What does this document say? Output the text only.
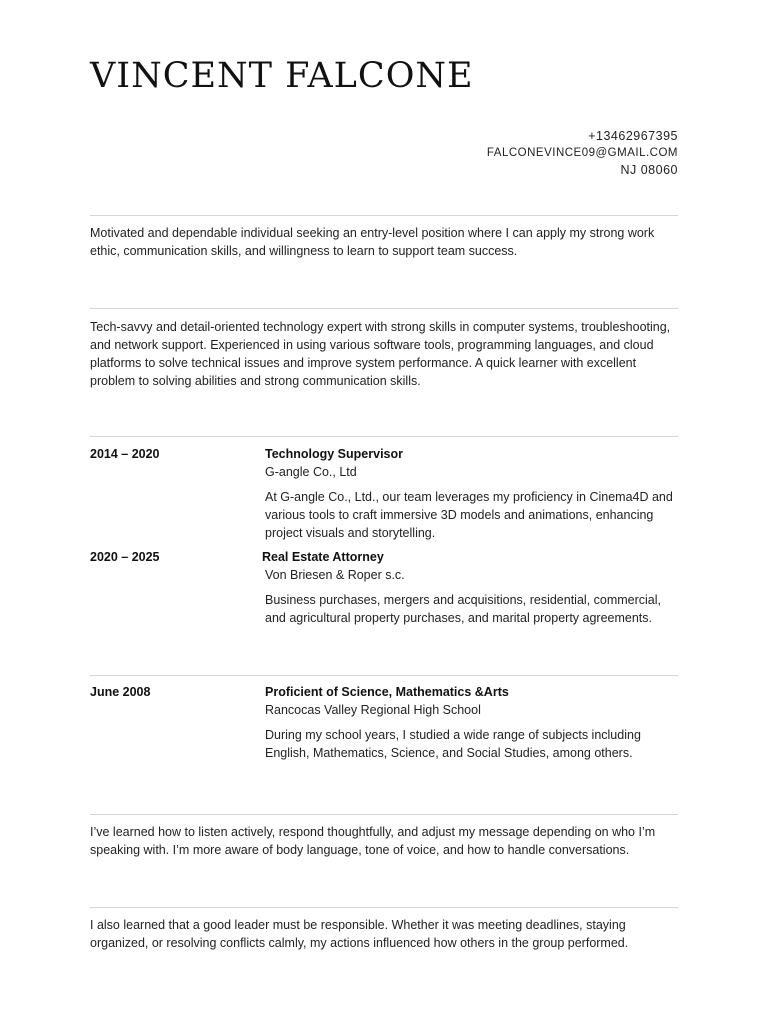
VINCENT FALCONE
+13462967395
FALCONEVINCE09@GMAIL.COM
NJ 08060

Motivated and dependable individual seeking an entry-level position where I can apply my strong work ethic, communication skills, and willingness to learn to support team success.

Tech-savvy and detail-oriented technology expert with strong skills in computer systems, troubleshooting, and network support. Experienced in using various software tools, programming languages, and cloud platforms to solve technical issues and improve system performance. A quick learner with excellent problem to solving abilities and strong communication skills.

2014 – 2020	Technology Supervisor
G-angle Co., Ltd

At G-angle Co., Ltd., our team leverages my proficiency in Cinema4D and various tools to craft immersive 3D models and animations, enhancing project visuals and storytelling.

2020 – 2025	Real Estate Attorney
Von Briesen & Roper s.c.

Business purchases, mergers and acquisitions, residential, commercial, and agricultural property purchases, and marital property agreements.

June 2008	Proficient of Science, Mathematics &Arts
Rancocas Valley Regional High School

During my school years, I studied a wide range of subjects including English, Mathematics, Science, and Social Studies, among others.

I’ve learned how to listen actively, respond thoughtfully, and adjust my message depending on who I’m speaking with. I’m more aware of body language, tone of voice, and how to handle conversations.

I also learned that a good leader must be responsible. Whether it was meeting deadlines, staying organized, or resolving conflicts calmly, my actions influenced how others in the group performed.
